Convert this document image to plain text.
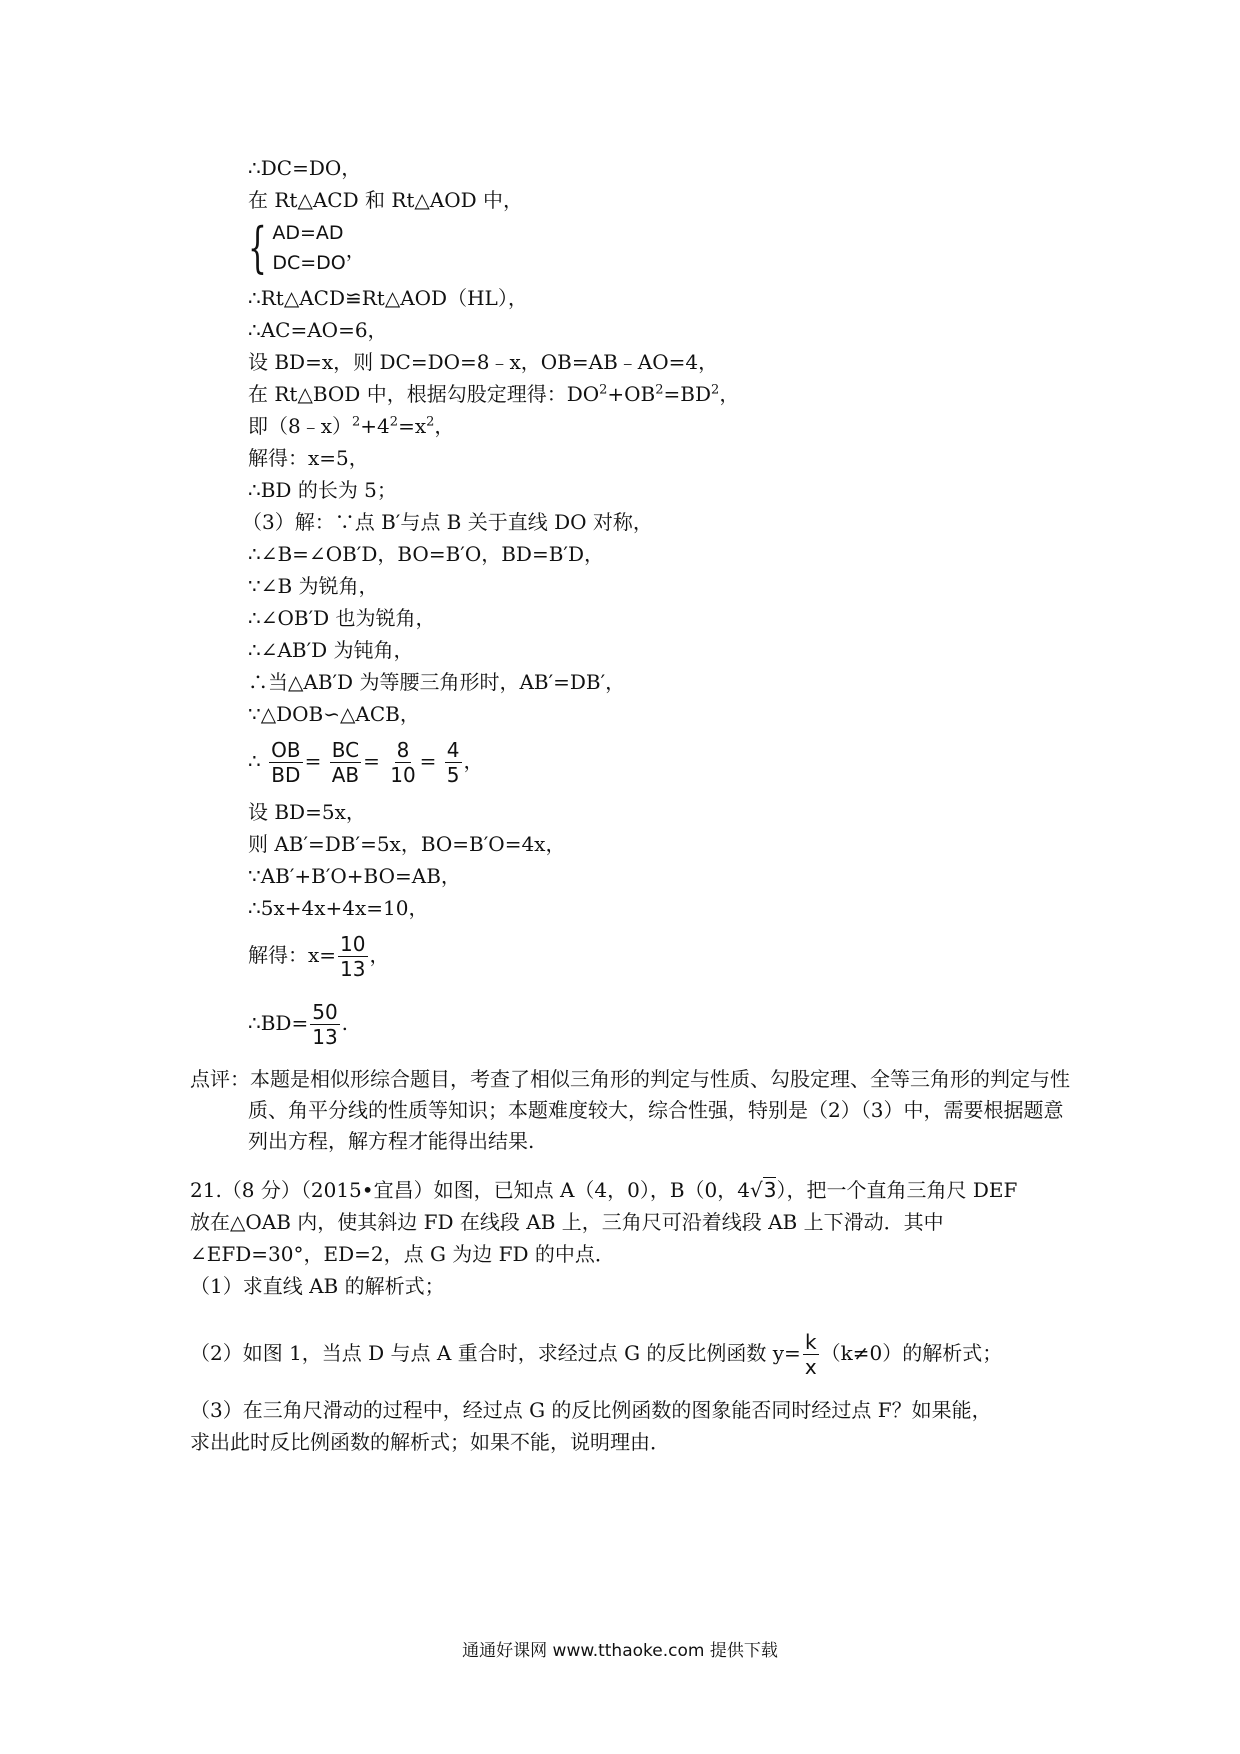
∴DC=DO，
在 Rt△ACD 和 Rt△AOD 中，
{ AD=AD
DC=DO
，
∴Rt△ACD≌Rt△AOD（HL），
∴AC=AO=6，
设 BD=x，则 DC=DO=8﹣x，OB=AB﹣AO=4，
在 Rt△BOD 中，根据勾股定理得：$DO^2+OB^2=BD^2$，
即$(8﹣x)^2+4^2=x^2$，
解得：x=5，
∴BD 的长为 5；
（3）解：∵点 B′与点 B 关于直线 DO 对称，
∴∠B=∠OB′D，BO=B′O，BD=B′D，
∵∠B 为锐角，
∴∠OB′D 也为锐角，
∴∠AB′D 为钝角，
∴当△AB′D 为等腰三角形时，AB′=DB′，
∵△DOB∽△ACB，
∴ $\frac{OB}{BD} = \frac{BC}{AB} = \frac{8}{10} = \frac{4}{5}$ ，
设 BD=5x，
则 AB′=DB′=5x，BO=B′O=4x，
∵AB′+B′O+BO=AB，
∴5x+4x+4x=10，
解得：$x= \frac{10}{13}$ ，
∴BD= $\frac{50}{13}$ .
点评：本题是相似形综合题目，考查了相似三角形的判定与性质、勾股定理、全等三角形的判定与性质、角平分线的性质等知识；本题难度较大，综合性强，特别是（2）（3）中，需要根据题意列出方程，解方程才能得出结果.
21.（8 分）（2015•宜昌）如图，已知点 A（4，0），B（0，4√3），把一个直角三角尺 DEF
放在△OAB 内，使其斜边 FD 在线段 AB 上，三角尺可沿着线段 AB 上下滑动．其中
∠EFD=30°，ED=2，点 G 为边 FD 的中点．
（1）求直线 AB 的解析式；
（2）如图 1，当点 D 与点 A 重合时，求经过点 G 的反比例函数 $y= \frac{k}{x} (k\ne 0)$的解析式；
（3）在三角尺滑动的过程中，经过点 G 的反比例函数的图象能否同时经过点 F？如果能，
求出此时反比例函数的解析式；如果不能，说明理由．
通通好课网 www.tthaoke.com 提供下载
